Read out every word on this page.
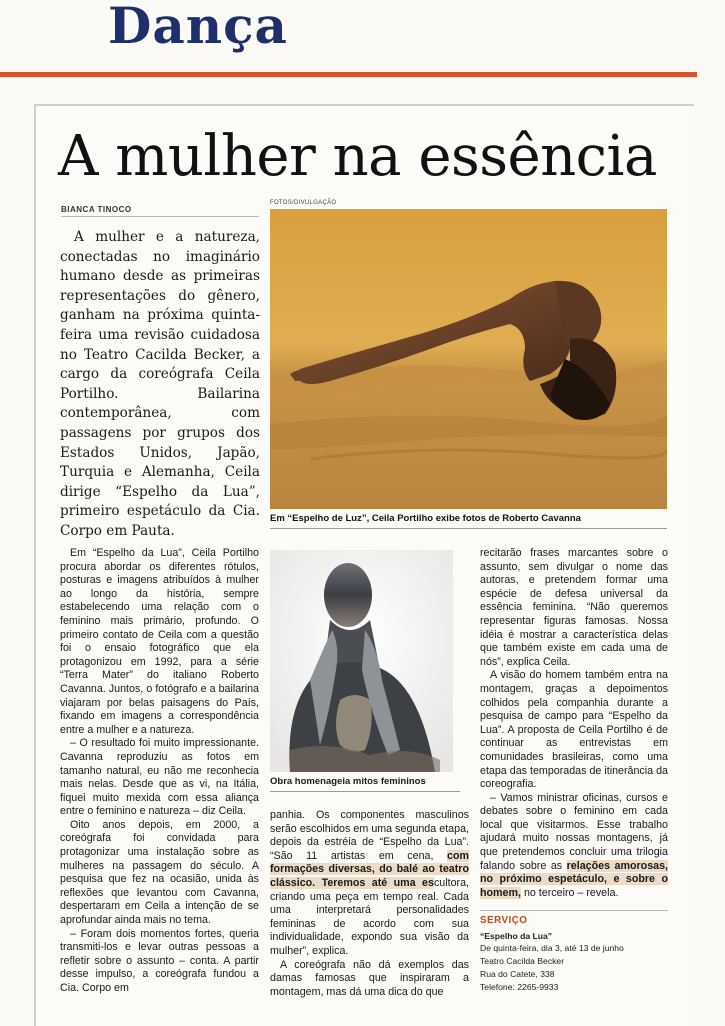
Dança
A mulher na essência
BIANCA TINOCO
FOTOS/DIVULGAÇÃO

A mulher e a natureza, conectadas no imaginário humano desde as primeiras representações do gênero, ganham na próxima quinta-feira uma revisão cuidadosa no Teatro Cacilda Becker, a cargo da coreógrafa Ceila Portilho. Bailarina contemporânea, com passagens por grupos dos Estados Unidos, Japão, Turquia e Alemanha, Ceila dirige “Espelho da Lua”, primeiro espetáculo da Cia. Corpo em Pauta.

Em “Espelho de Luz”, Ceila Portilho exibe fotos de Roberto Cavanna

Em “Espelho da Lua”, Ceila Portilho procura abordar os diferentes rótulos, posturas e imagens atribuídos à mulher ao longo da história, sempre estabelecendo uma relação com o feminino mais primário, profundo. O primeiro contato de Ceila com a questão foi o ensaio fotográfico que ela protagonizou em 1992, para a série “Terra Mater” do italiano Roberto Cavanna. Juntos, o fotógrafo e a bailarina viajaram por belas paisagens do País, fixando em imagens a correspondência entre a mulher e a natureza.

– O resultado foi muito impressionante. Cavanna reproduziu as fotos em tamanho natural, eu não me reconhecia mais nelas. Desde que as vi, na Itália, fiquei muito mexida com essa aliança entre o feminino e natureza – diz Ceila.

Oito anos depois, em 2000, a coreógrafa foi convidada para protagonizar uma instalação sobre as mulheres na passagem do século. A pesquisa que fez na ocasião, unida às reflexões que levantou com Cavanna, despertaram em Ceila a intenção de se aprofundar ainda mais no tema.

– Foram dois momentos fortes, queria transmiti-los e levar outras pessoas a refletir sobre o assunto – conta. A partir desse impulso, a coreógrafa fundou a Cia. Corpo em

Obra homenageia mitos femininos

panhia. Os componentes masculinos serão escolhidos em uma segunda etapa, depois da estréia de “Espelho da Lua”. “São 11 artistas em cena, com formações diversas, do balé ao teatro clássico. Teremos até uma escultora, criando uma peça em tempo real. Cada uma interpretará personalidades femininas de acordo com sua individualidade, expondo sua visão da mulher”, explica.

A coreógrafa não dá exemplos das damas famosas que inspiraram a montagem, mas dá uma dica do que

recitarão frases marcantes sobre o assunto, sem divulgar o nome das autoras, e pretendem formar uma espécie de defesa universal da essência feminina. “Não queremos representar figuras famosas. Nossa idéia é mostrar a característica delas que também existe em cada uma de nós”, explica Ceila.

A visão do homem também entra na montagem, graças a depoimentos colhidos pela companhia durante a pesquisa de campo para “Espelho da Lua”. A proposta de Ceila Portilho é de continuar as entrevistas em comunidades brasileiras, como uma etapa das temporadas de itinerância da coreografia.

– Vamos ministrar oficinas, cursos e debates sobre o feminino em cada local que visitarmos. Esse trabalho ajudará muito nossas montagens, já que pretendemos concluir uma trilogia falando sobre as relações amorosas, no próximo espetáculo, e sobre o homem, no terceiro – revela.

SERVIÇO
“Espelho da Lua”
De quinta-feira, dia 3, até 13 de junho
Teatro Cacilda Becker
Rua do Catete, 338
Telefone: 2265-9933
